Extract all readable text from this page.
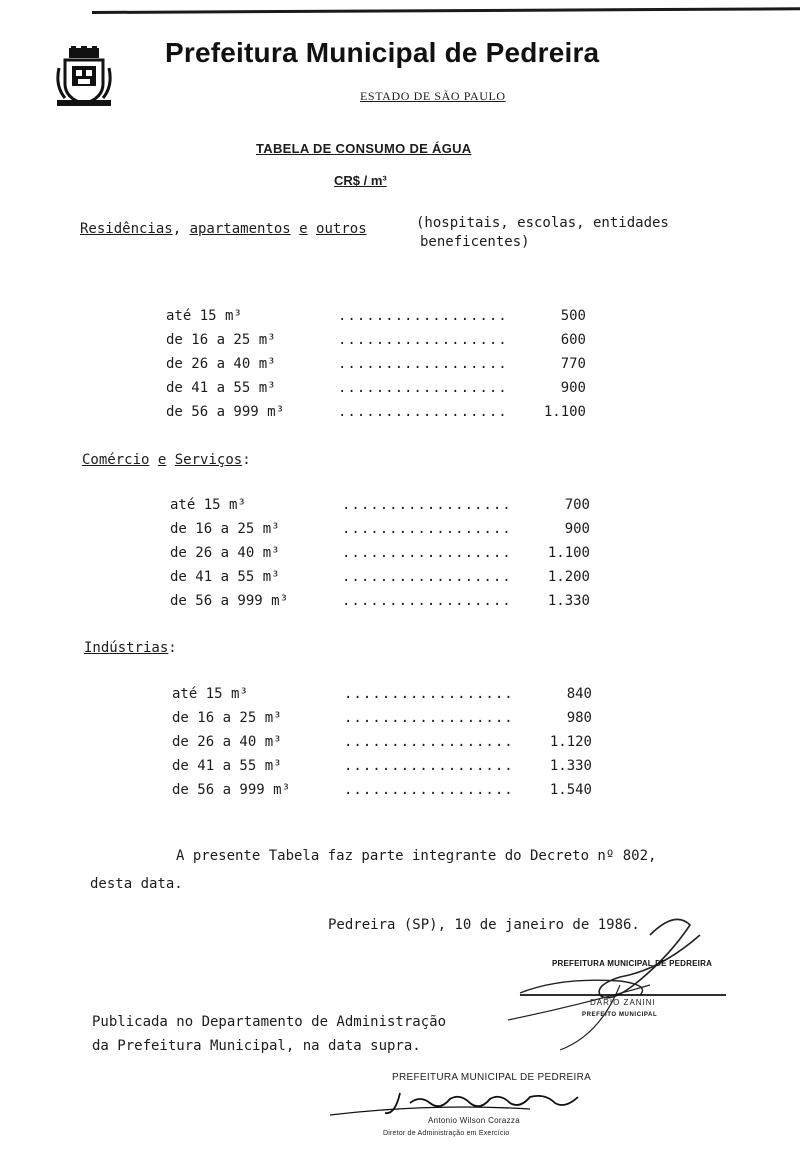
Prefeitura Municipal de Pedreira
ESTADO DE SÃO PAULO
TABELA DE CONSUMO DE ÁGUA
CR$ / m³
Residências, apartamentos e outros	(hospitais, escolas, entidades
beneficentes)
até 15 m³	..................	500
de 16 a 25 m³	..................	600
de 26 a 40 m³	..................	770
de 41 a 55 m³	..................	900
de 56 a 999 m³	..................	1.100
Comércio e Serviços:
até 15 m³	..................	700
de 16 a 25 m³	..................	900
de 26 a 40 m³	..................	1.100
de 41 a 55 m³	..................	1.200
de 56 a 999 m³	..................	1.330
Indústrias:
até 15 m³	..................	840
de 16 a 25 m³	..................	980
de 26 a 40 m³	..................	1.120
de 41 a 55 m³	..................	1.330
de 56 a 999 m³	..................	1.540
A presente Tabela faz parte integrante do Decreto nº 802,
desta data.
Pedreira (SP), 10 de janeiro de 1986.
PREFEITURA MUNICIPAL DE PEDREIRA
DARIO ZANINI
PREFEITO MUNICIPAL
Publicada no Departamento de Administração
da Prefeitura Municipal, na data supra.
PREFEITURA MUNICIPAL DE PEDREIRA
Antonio Wilson Corazza
Diretor de Administração em Exercício
